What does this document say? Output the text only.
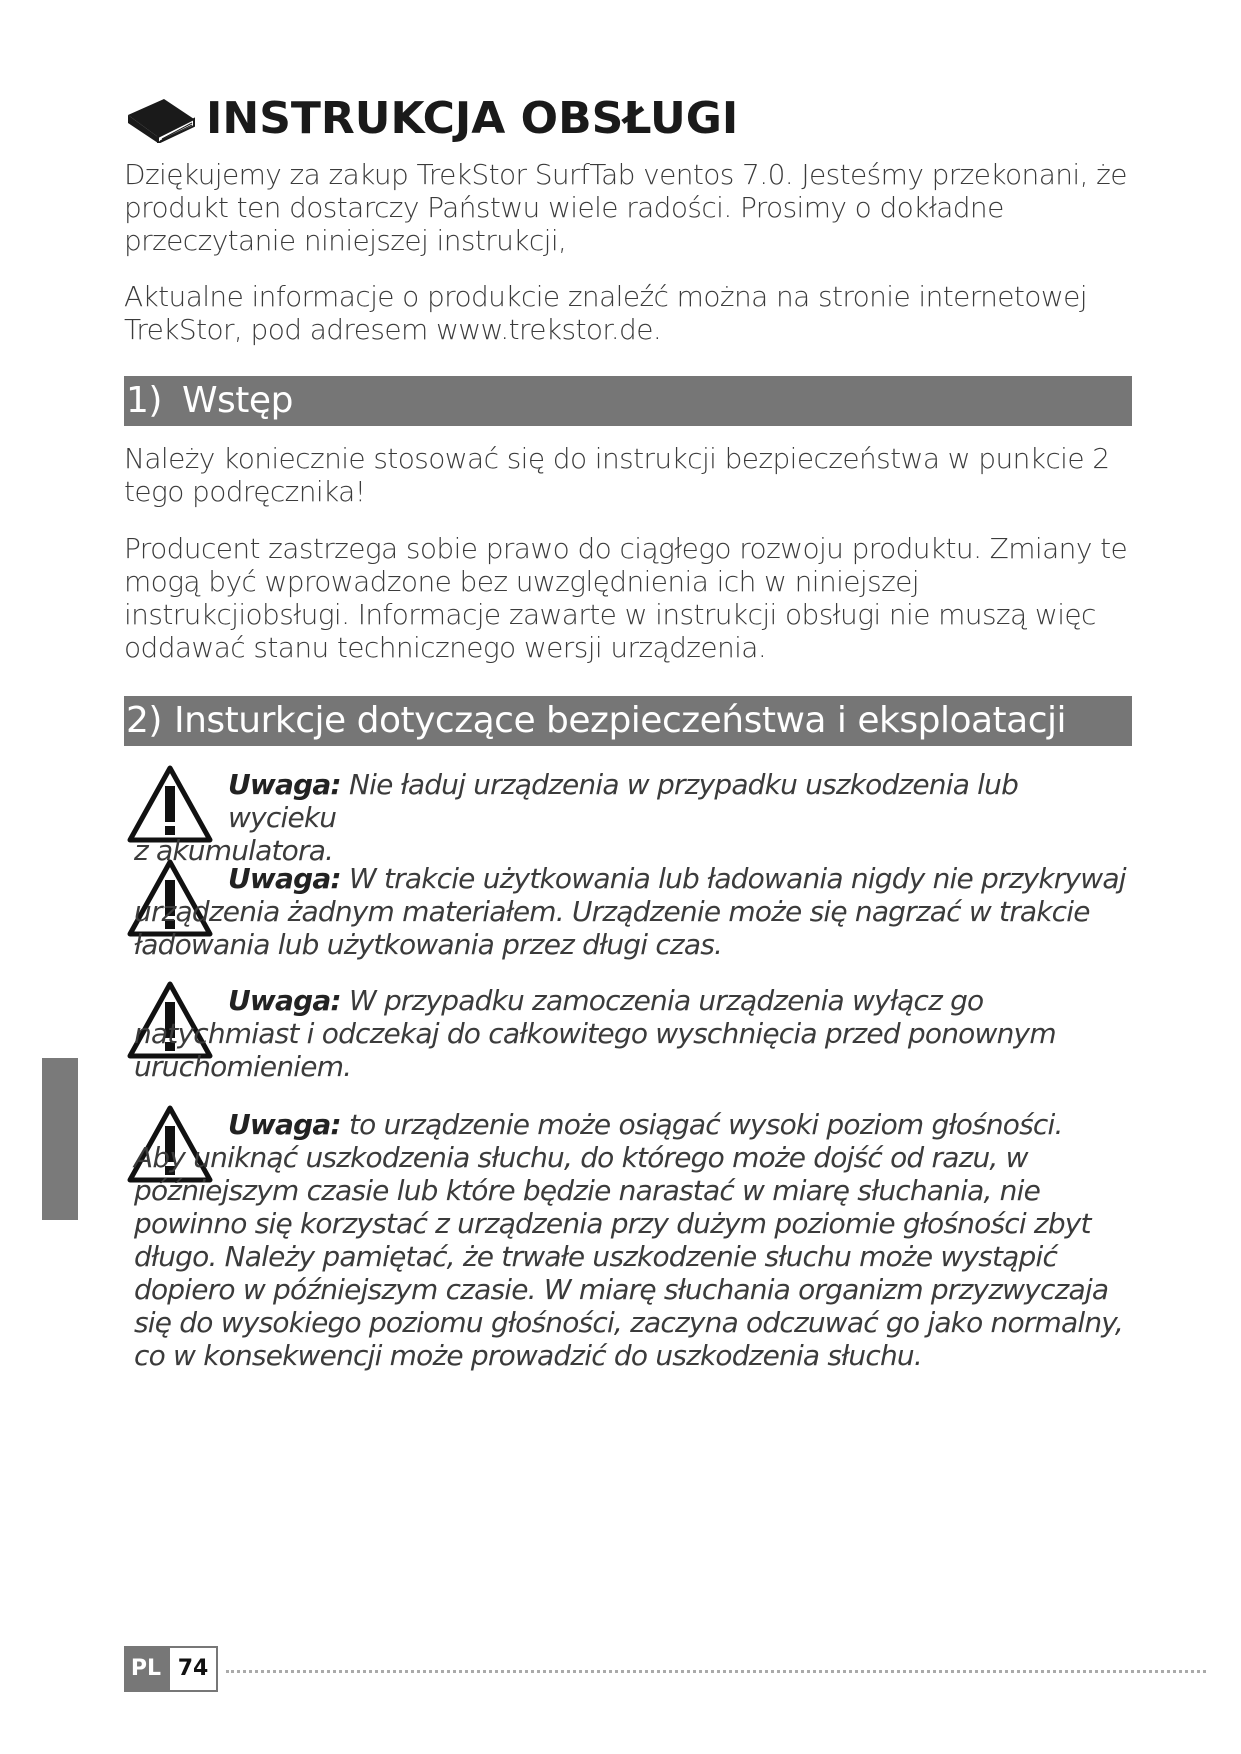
INSTRUKCJA OBSŁUGI

Dziękujemy za zakup TrekStor SurfTab ventos 7.0. Jesteśmy przekonani, że produkt ten dostarczy Państwu wiele radości. Prosimy o dokładne przeczytanie niniejszej instrukcji,

Aktualne informacje o produkcie znaleźć można na stronie internetowej TrekStor, pod adresem www.trekstor.de.

1) Wstęp

Należy koniecznie stosować się do instrukcji bezpieczeństwa w punkcie 2 tego podręcznika!

Producent zastrzega sobie prawo do ciągłego rozwoju produktu. Zmiany te mogą być wprowadzone bez uwzględnienia ich w niniejszej instrukcjiobsługi. Informacje zawarte w instrukcji obsługi nie muszą więc oddawać stanu technicznego wersji urządzenia.

2) Insturkcje dotyczące bezpieczeństwa i eksploatacji

Uwaga: Nie ładuj urządzenia w przypadku uszkodzenia lub wycieku
z akumulatora.

Uwaga: W trakcie użytkowania lub ładowania nigdy nie przykrywaj
urządzenia żadnym materiałem. Urządzenie może się nagrzać w trakcie ładowania lub użytkowania przez długi czas.

Uwaga: W przypadku zamoczenia urządzenia wyłącz go
natychmiast i odczekaj do całkowitego wyschnięcia przed ponownym uruchomieniem.

Uwaga: to urządzenie może osiągać wysoki poziom głośności.
Aby uniknąć uszkodzenia słuchu, do którego może dojść od razu, w późniejszym czasie lub które będzie narastać w miarę słuchania, nie powinno się korzystać z urządzenia przy dużym poziomie głośności zbyt długo. Należy pamiętać, że trwałe uszkodzenie słuchu może wystąpić dopiero w późniejszym czasie. W miarę słuchania organizm przyzwyczaja się do wysokiego poziomu głośności, zaczyna odczuwać go jako normalny, co w konsekwencji może prowadzić do uszkodzenia słuchu.

PL 74
